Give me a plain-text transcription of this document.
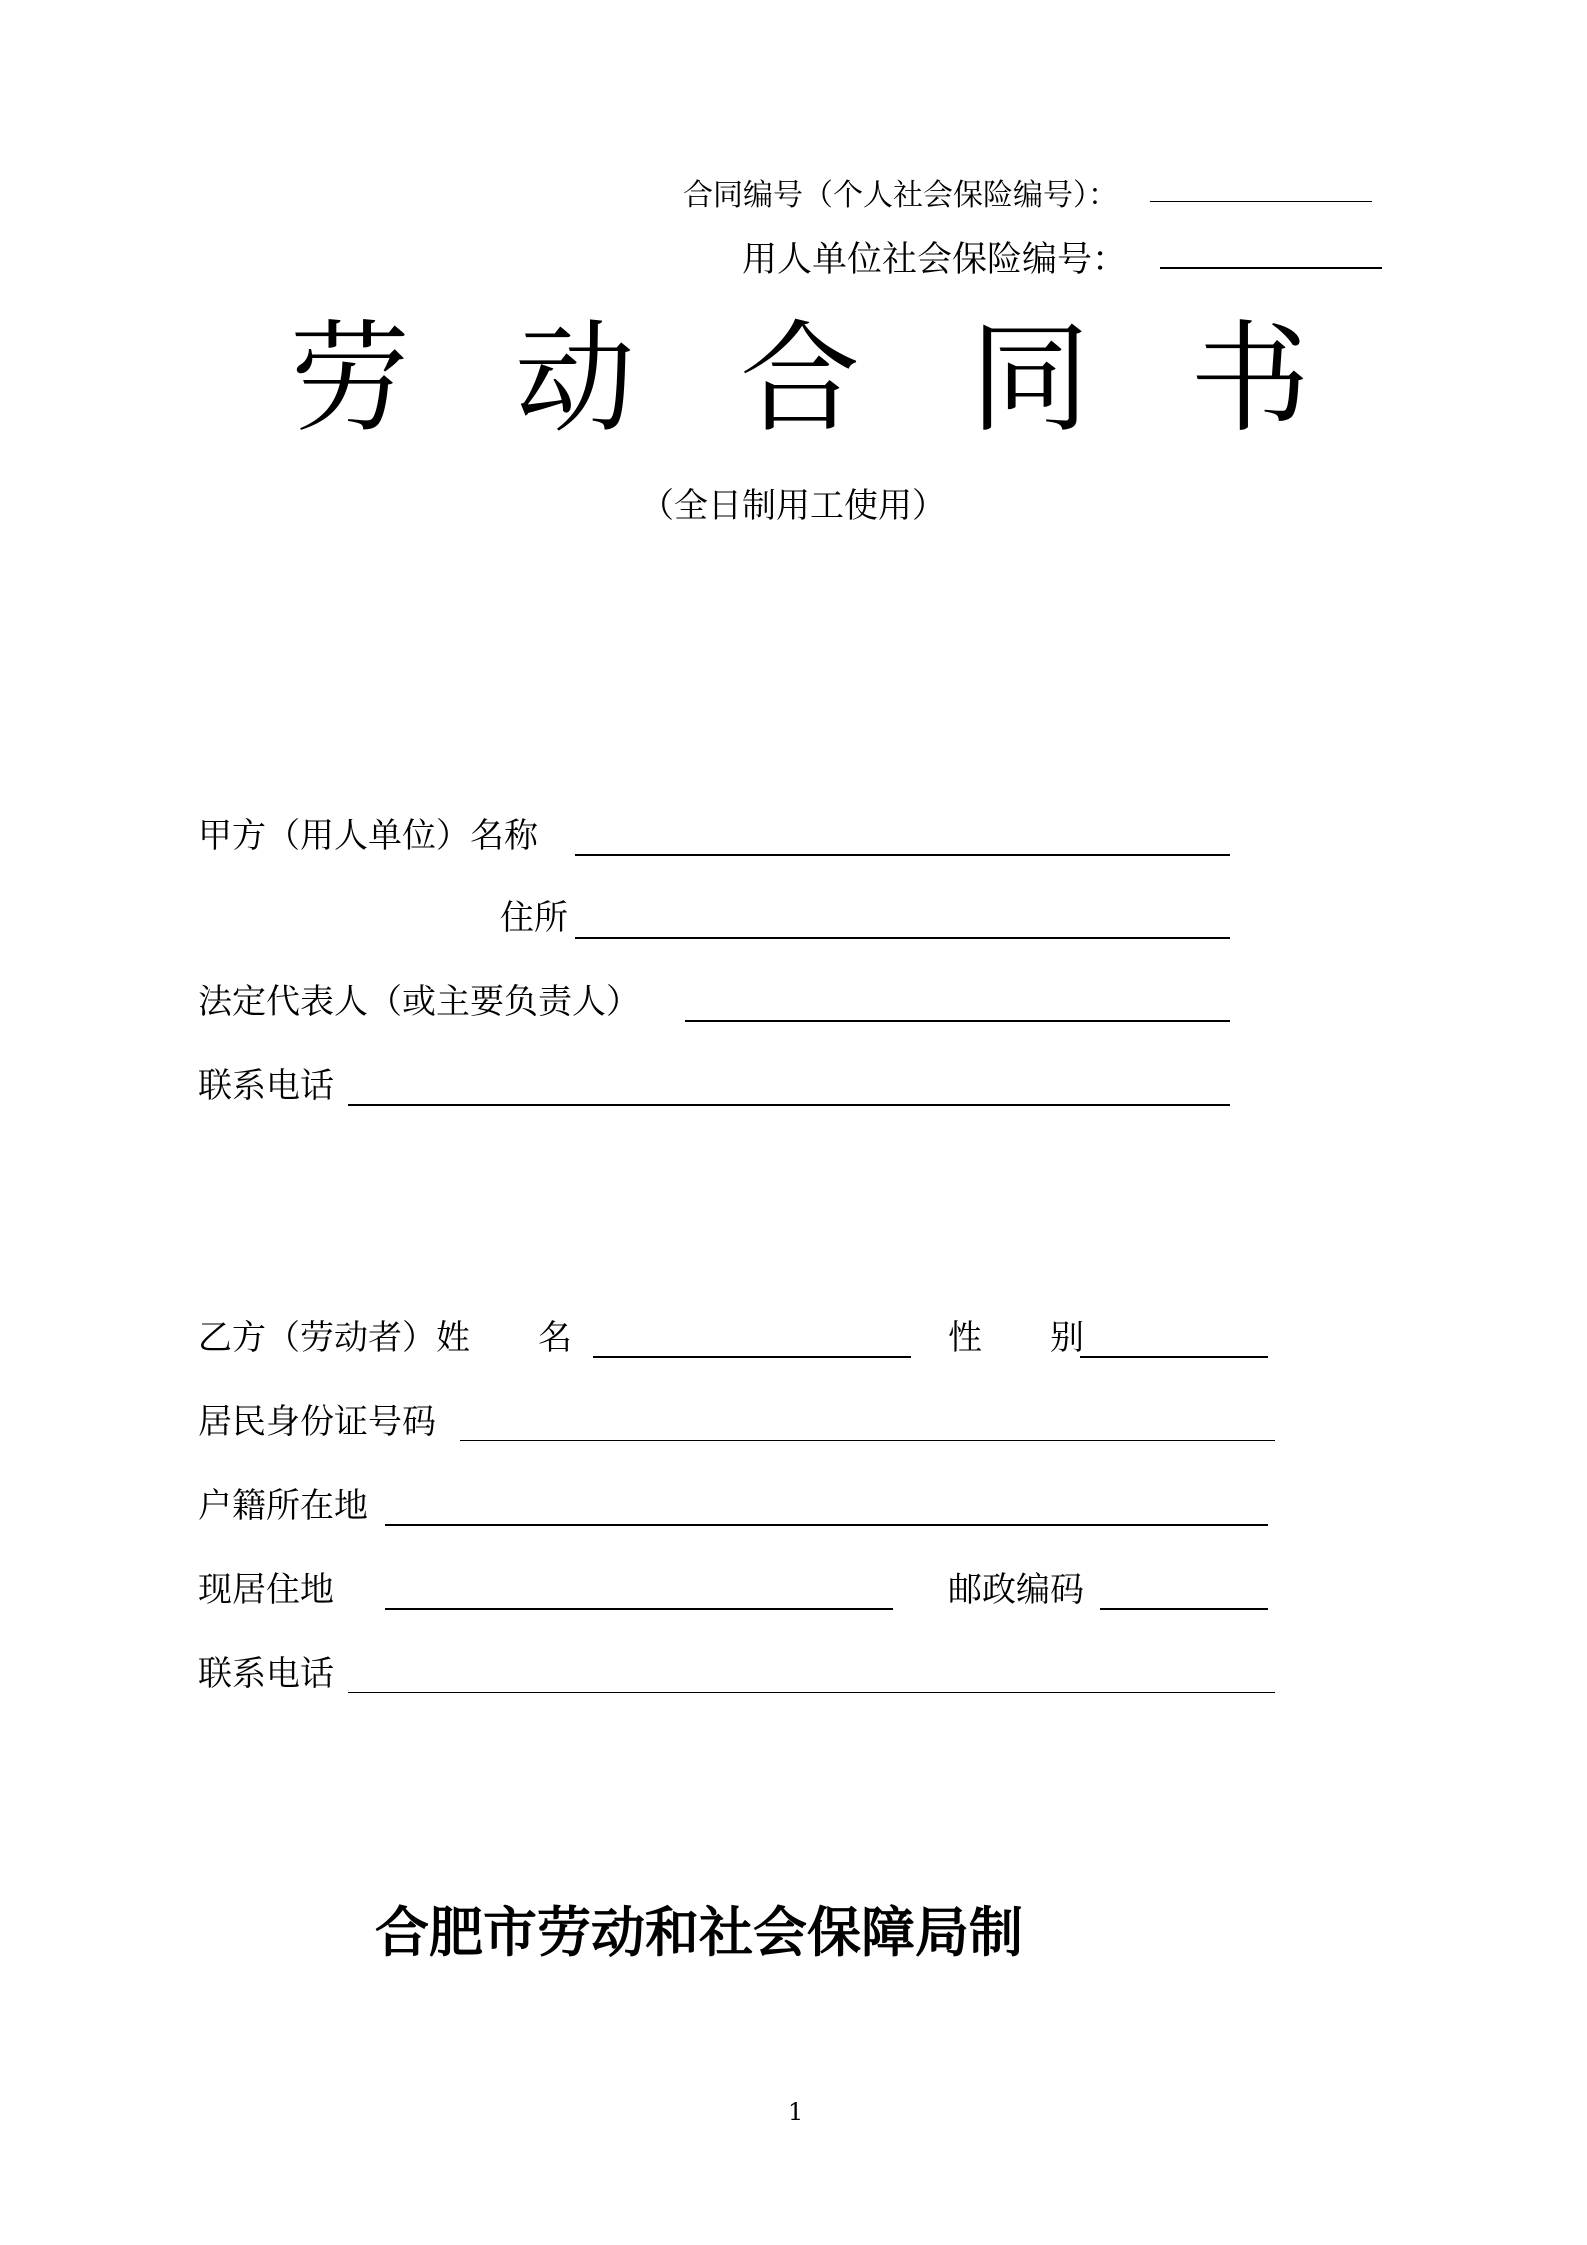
合同编号（个人社会保险编号）：
用人单位社会保险编号：
劳 动 合 同 书
（全日制用工使用）
甲方（用人单位）名称
住所
法定代表人（或主要负责人）
联系电话
乙方（劳动者）姓　　名	性　　别
居民身份证号码
户籍所在地
现居住地	邮政编码
联系电话
合肥市劳动和社会保障局制
1
